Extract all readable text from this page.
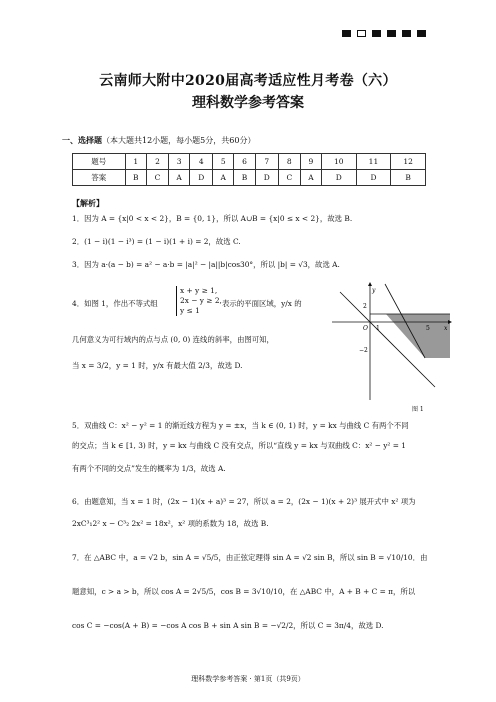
云南师大附中2020届高考适应性月考卷（六）
理科数学参考答案
一、选择题（本大题共12小题，每小题5分，共60分）
题号	1	2	3	4	5	6	7	8	9	10	11	12
答案	B	C	A	D	A	B	D	C	A	D	D	B
【解析】
1．因为 A = {x|0 < x < 2}，B = {0, 1}，所以 A∪B = {x|0 ≤ x < 2}，故选 B.
2．(1 − i)(1 − i³) = (1 − i)(1 + i) = 2，故选 C.
3．因为 a·(a − b) = a² − a·b = |a|² − |a||b|cos30°，所以 |b| = √3，故选 A.
4．如图 1，作出不等式组
x + y ≥ 1,
2x − y ≥ 2,
y ≤ 1
表示的平面区域，y/x 的
几何意义为可行域内的点与点 (0, 0) 连线的斜率，由图可知，
当 x = 3/2，y = 1 时，y/x 有最大值 2/3，故选 D.
y
x
2
−2
O 1	5
图 1
5．双曲线 C：x² − y² = 1 的渐近线方程为 y = ±x，当 k ∈ (0, 1) 时，y = kx 与曲线 C 有两个不同
的交点；当 k ∈ [1, 3) 时，y = kx 与曲线 C 没有交点，所以“直线 y = kx 与双曲线 C：x² − y² = 1
有两个不同的交点”发生的概率为 1/3，故选 A.
6．由题意知，当 x = 1 时，(2x − 1)(x + a)³ = 27，所以 a = 2，(2x − 1)(x + 2)³ 展开式中 x² 项为
2xC³₁2² x − C³₂ 2x² = 18x²，x² 项的系数为 18，故选 B.
7．在 △ABC 中，a = √2 b，sin A = √5/5，由正弦定理得 sin A = √2 sin B，所以 sin B = √10/10．由
题意知，c > a > b，所以 cos A = 2√5/5，cos B = 3√10/10，在 △ABC 中，A + B + C = π，所以
cos C = −cos(A + B) = −cos A cos B + sin A sin B = −√2/2，所以 C = 3π/4，故选 D.
理科数学参考答案 · 第1页（共9页）
